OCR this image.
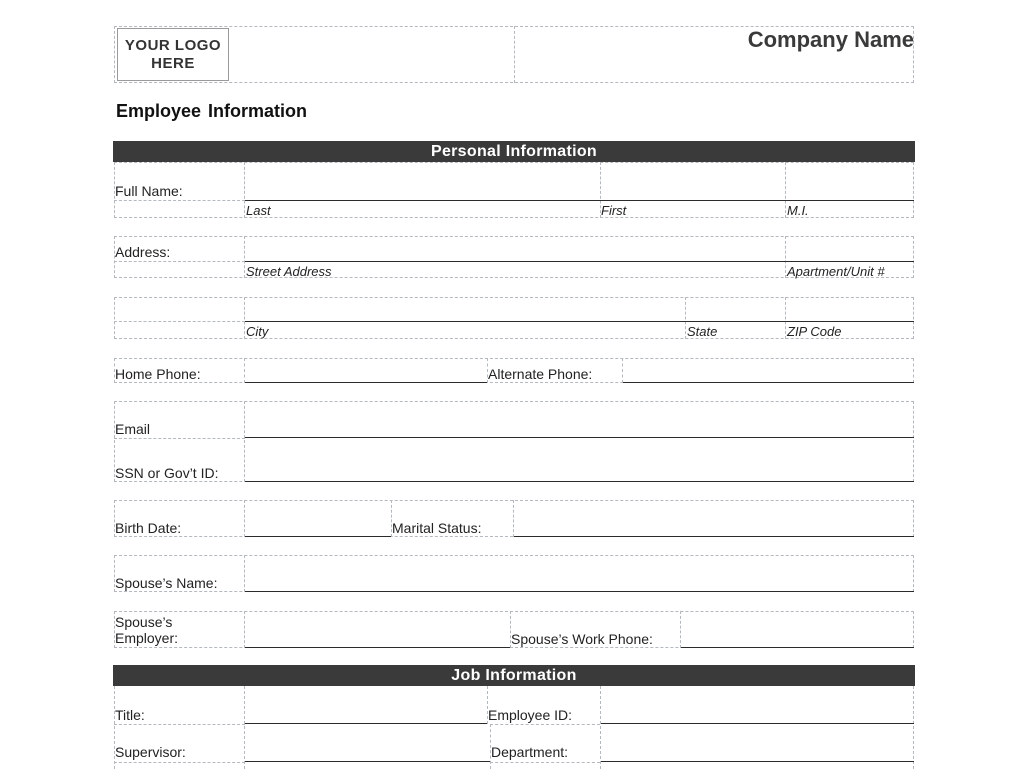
YOUR LOGO
HERE
Company Name
Employee Information
Personal Information
Full Name:
Last	First	M.I.
Address:
Street Address	Apartment/Unit #
City	State	ZIP Code
Home Phone:	Alternate Phone:
Email
SSN or Gov’t ID:
Birth Date:	Marital Status:
Spouse’s Name:
Spouse’s
Employer:	Spouse’s Work Phone:
Job Information
Title:	Employee ID:
Supervisor:	Department:
